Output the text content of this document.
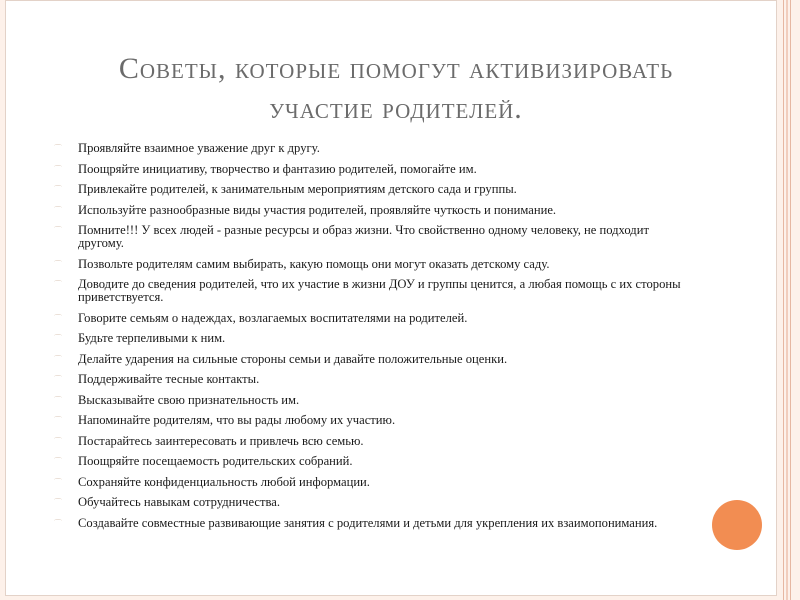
Советы, которые помогут активизировать
участие родителей.
⌒ Проявляйте взаимное уважение друг к другу.
⌒ Поощряйте инициативу, творчество и фантазию родителей, помогайте им.
⌒ Привлекайте родителей, к занимательным мероприятиям детского сада и группы.
⌒ Используйте разнообразные виды участия родителей, проявляйте чуткость и понимание.
⌒ Помните!!! У всех людей - разные ресурсы и образ жизни. Что свойственно одному человеку, не подходит другому.
⌒ Позвольте родителям самим выбирать, какую помощь они могут оказать детскому саду.
⌒ Доводите до сведения родителей, что их участие в жизни ДОУ и группы ценится, а любая помощь с их стороны приветствуется.
⌒ Говорите семьям о надеждах, возлагаемых воспитателями на родителей.
⌒ Будьте терпеливыми к ним.
⌒ Делайте ударения на сильные стороны семьи и давайте положительные оценки.
⌒ Поддерживайте тесные контакты.
⌒ Высказывайте свою признательность им.
⌒ Напоминайте родителям, что вы рады любому их участию.
⌒ Постарайтесь заинтересовать и привлечь всю семью.
⌒ Поощряйте посещаемость родительских собраний.
⌒ Сохраняйте конфиденциальность любой информации.
⌒ Обучайтесь навыкам сотрудничества.
⌒ Создавайте совместные развивающие занятия с родителями и детьми для укрепления их взаимопонимания.
